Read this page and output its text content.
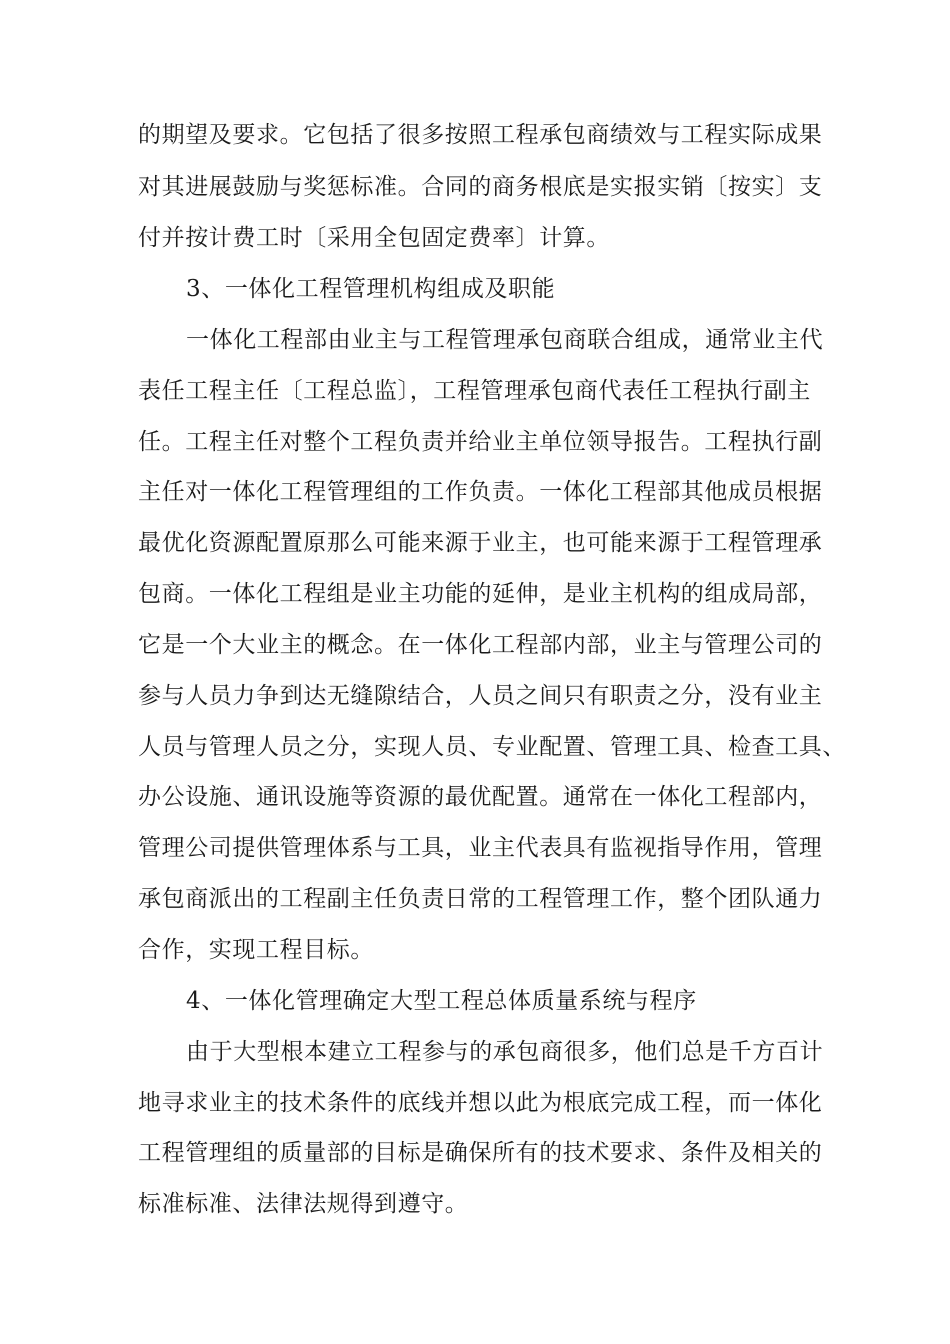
的期望及要求。它包括了很多按照工程承包商绩效与工程实际成果
对其进展鼓励与奖惩标准。合同的商务根底是实报实销〔按实〕支
付并按计费工时〔采用全包固定费率〕计算。
3、一体化工程管理机构组成及职能
一体化工程部由业主与工程管理承包商联合组成，通常业主代
表任工程主任〔工程总监〕，工程管理承包商代表任工程执行副主
任。工程主任对整个工程负责并给业主单位领导报告。工程执行副
主任对一体化工程管理组的工作负责。一体化工程部其他成员根据
最优化资源配置原那么可能来源于业主，也可能来源于工程管理承
包商。一体化工程组是业主功能的延伸，是业主机构的组成局部，
它是一个大业主的概念。在一体化工程部内部，业主与管理公司的
参与人员力争到达无缝隙结合，人员之间只有职责之分，没有业主
人员与管理人员之分，实现人员、专业配置、管理工具、检查工具、
办公设施、通讯设施等资源的最优配置。通常在一体化工程部内，
管理公司提供管理体系与工具，业主代表具有监视指导作用，管理
承包商派出的工程副主任负责日常的工程管理工作，整个团队通力
合作，实现工程目标。
4、一体化管理确定大型工程总体质量系统与程序
由于大型根本建立工程参与的承包商很多，他们总是千方百计
地寻求业主的技术条件的底线并想以此为根底完成工程，而一体化
工程管理组的质量部的目标是确保所有的技术要求、条件及相关的
标准标准、法律法规得到遵守。
